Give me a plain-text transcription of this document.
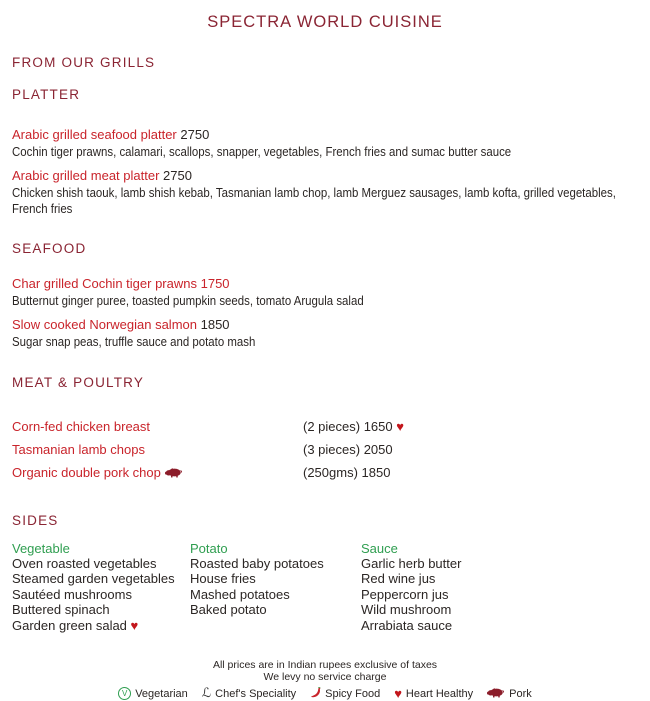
SPECTRA WORLD CUISINE
FROM OUR GRILLS
PLATTER
Arabic grilled seafood platter 2750
Cochin tiger prawns, calamari, scallops, snapper, vegetables, French fries and sumac butter sauce
Arabic grilled meat platter 2750
Chicken shish taouk, lamb shish kebab, Tasmanian lamb chop, lamb Merguez sausages, lamb kofta, grilled vegetables,
French fries
SEAFOOD
Char grilled Cochin tiger prawns 1750
Butternut ginger puree, toasted pumpkin seeds, tomato Arugula salad
Slow cooked Norwegian salmon 1850
Sugar snap peas, truffle sauce and potato mash
MEAT & POULTRY
Corn-fed chicken breast	(2 pieces) 1650 ♥
Tasmanian lamb chops	(3 pieces) 2050
Organic double pork chop	(250gms) 1850
SIDES
Vegetable
Oven roasted vegetables
Steamed garden vegetables
Sautéed mushrooms
Buttered spinach
Garden green salad ♥
Potato
Roasted baby potatoes
House fries
Mashed potatoes
Baked potato
Sauce
Garlic herb butter
Red wine jus
Peppercorn jus
Wild mushroom
Arrabiata sauce
All prices are in Indian rupees exclusive of taxes
We levy no service charge
V Vegetarian ℒ Chef's Speciality	Spicy Food ♥ Heart Healthy	Pork
